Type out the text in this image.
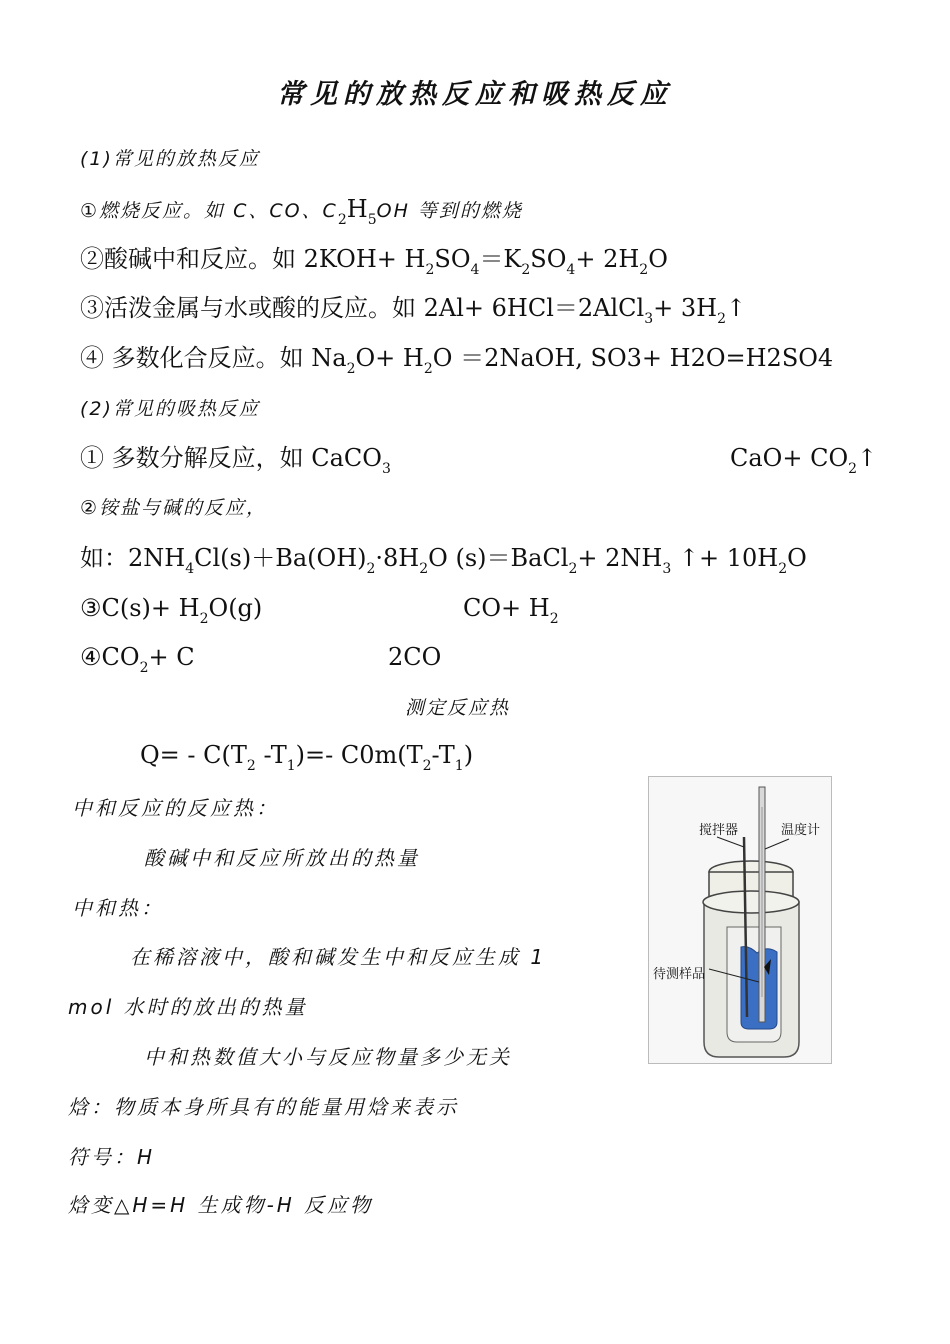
常见的放热反应和吸热反应
(1)常见的放热反应
①燃烧反应。如 C、CO、$C_2H_5OH$ 等到的燃烧
②酸碱中和反应。如 $2KOH+ H_2SO_4=K_2SO_4+ 2H_2O$
③活泼金属与水或酸的反应。如 2Al+ 6HCl＝2AlCl$_3$+ $3H_2↑$
④ 多数化合反应。如 $Na_2O+ H_2O$ ＝2NaOH, SO3+ H2O=H2SO4
(2)常见的吸热反应
① 多数分解反应，如 CaCO$_3$	$CaO+ CO_2↑$
②铵盐与碱的反应，
如：$2NH_4Cl(s)+Ba(OH)_2\cdot 8H_2O$ (s)＝BaCl$_2$+ $2NH_3$ ↑+ $10H_2O$
③C(s)+ $H_2O(g)$	$CO+ H_2$
$④CO_2+ C$	2CO
测定反应热
$Q= - C(T_2$ $-T_1)=-$ $C0m(T_2-T_1)$
中和反应的反应热：
酸碱中和反应所放出的热量
中和热：
在稀溶液中，酸和碱发生中和反应生成 1
mol 水时的放出的热量
中和热数值大小与反应物量多少无关
焓：物质本身所具有的能量用焓来表示
符号：H
焓变△H=H 生成物-H 反应物
搅拌器	温度计
待测样品
